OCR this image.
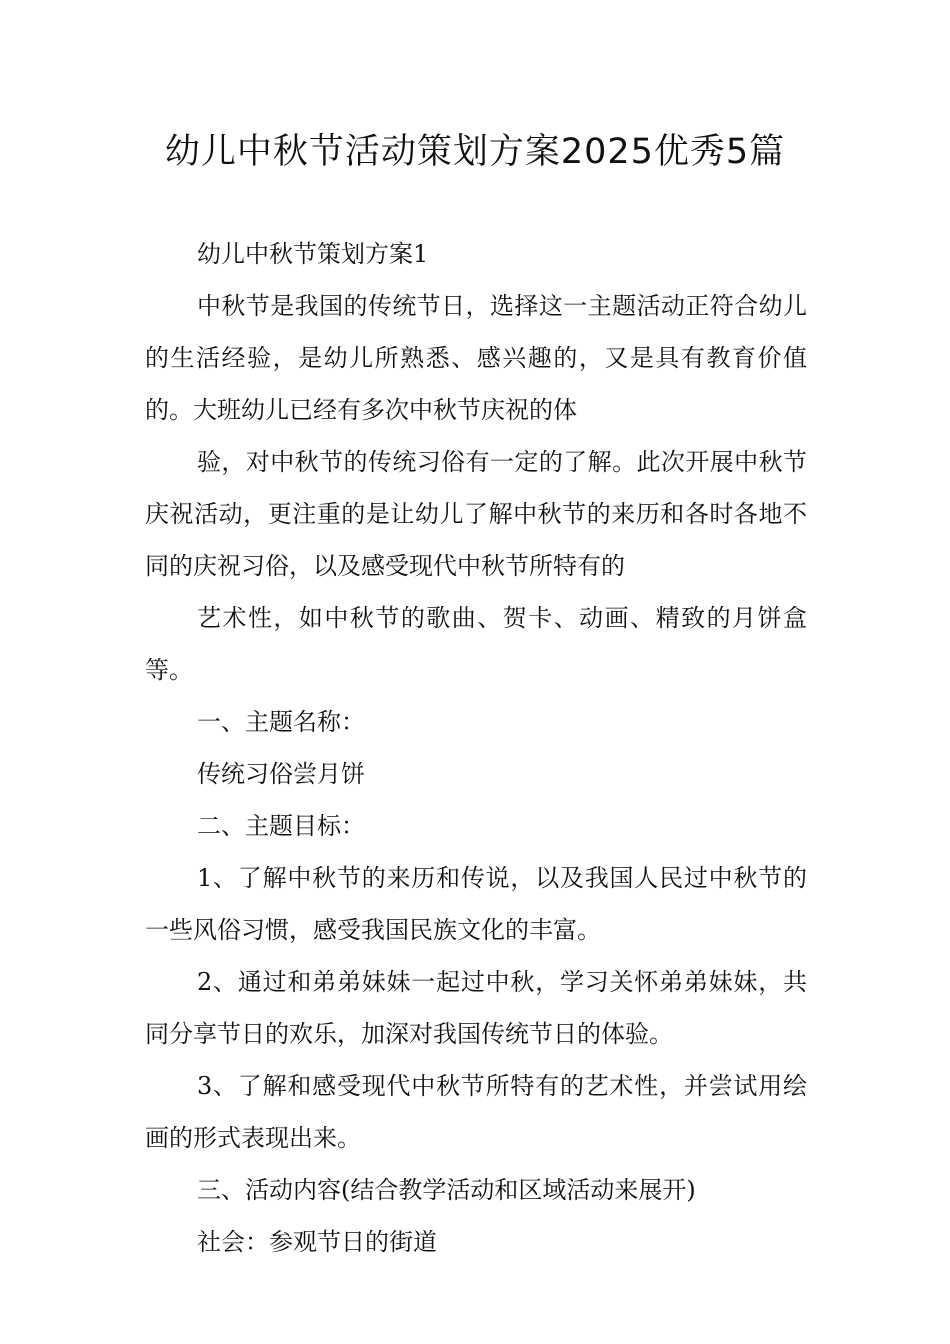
幼儿中秋节活动策划方案2025优秀5篇

幼儿中秋节策划方案1

中秋节是我国的传统节日，选择这一主题活动正符合幼儿的生活经验，是幼儿所熟悉、感兴趣的，又是具有教育价值的。大班幼儿已经有多次中秋节庆祝的体

验，对中秋节的传统习俗有一定的了解。此次开展中秋节庆祝活动，更注重的是让幼儿了解中秋节的来历和各时各地不同的庆祝习俗，以及感受现代中秋节所特有的

艺术性，如中秋节的歌曲、贺卡、动画、精致的月饼盒等。

一、主题名称：

传统习俗尝月饼

二、主题目标：

1、了解中秋节的来历和传说，以及我国人民过中秋节的一些风俗习惯，感受我国民族文化的丰富。

2、通过和弟弟妹妹一起过中秋，学习关怀弟弟妹妹，共同分享节日的欢乐，加深对我国传统节日的体验。

3、了解和感受现代中秋节所特有的艺术性，并尝试用绘画的形式表现出来。

三、活动内容(结合教学活动和区域活动来展开)

社会：参观节日的街道
